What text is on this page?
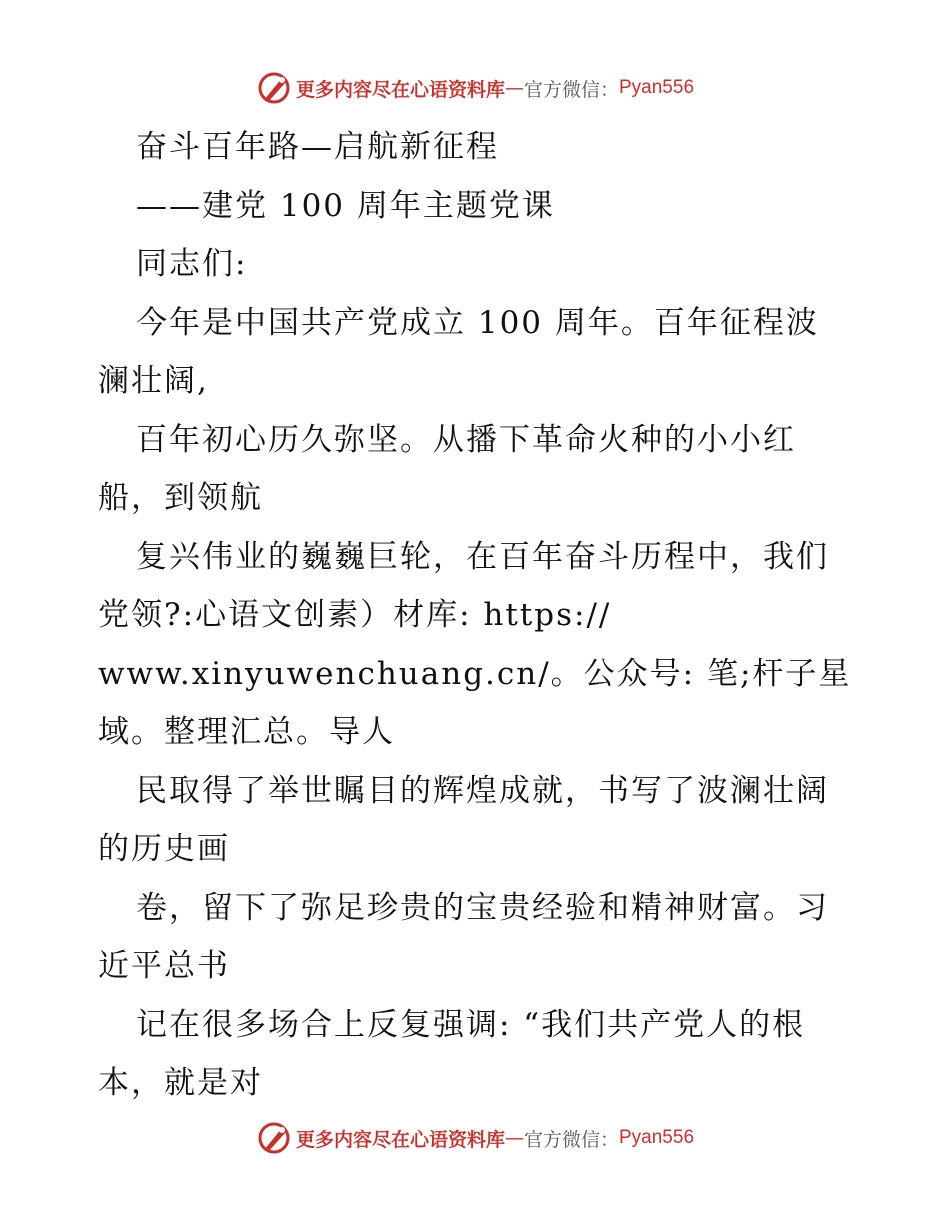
更多内容尽在心语资料库 — 官方微信： Pyan556
奋斗百年路—启航新征程
——建党 100 周年主题党课
同志们:
今年是中国共产党成立 100 周年。百年征程波
澜壮阔,
百年初心历久弥坚。从播下革命火种的小小红
船，到领航
复兴伟业的巍巍巨轮，在百年奋斗历程中，我们
党领?:心语文创素）材库: https://
www.xinyuwenchuang.cn/。公众号: 笔;杆子星
域。整理汇总。导人
民取得了举世瞩目的辉煌成就，书写了波澜壮阔
的历史画
卷，留下了弥足珍贵的宝贵经验和精神财富。习
近平总书
记在很多场合上反复强调: “我们共产党人的根
本，就是对
更多内容尽在心语资料库 — 官方微信： Pyan556
